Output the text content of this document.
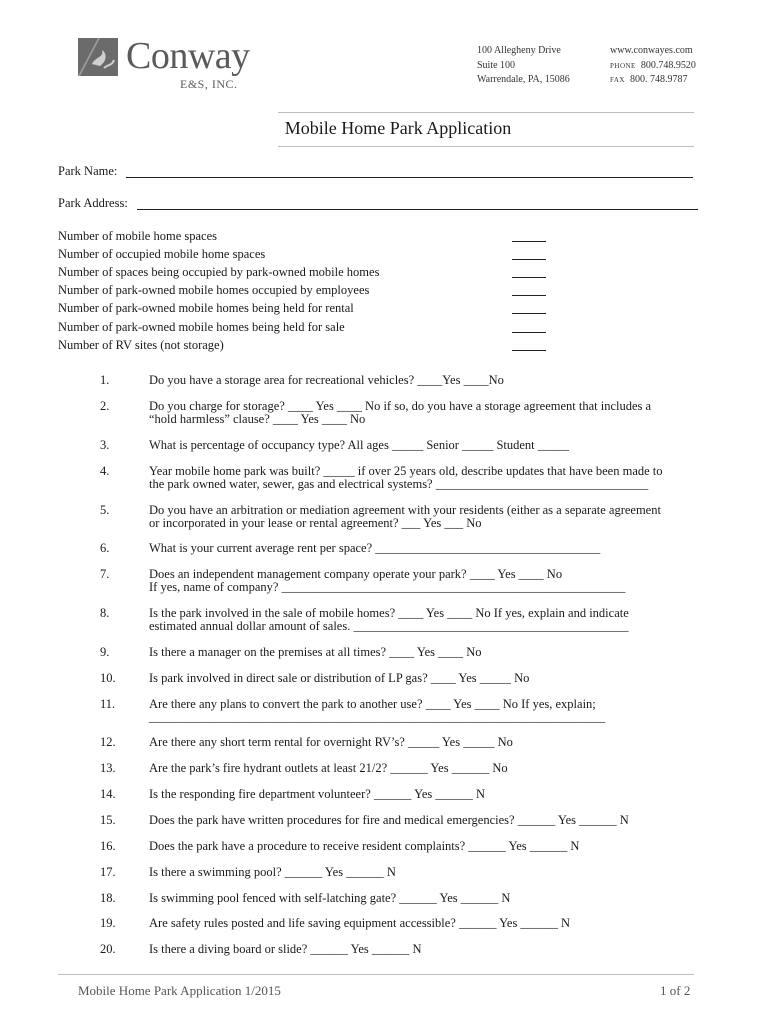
Conway
E&S, INC.
100 Allegheny Drive
Suite 100
Warrendale, PA, 15086
www.conwayes.com
phone 800.748.9520
fax 800. 748.9787
Mobile Home Park Application
Park Name:
Park Address:
Number of mobile home spaces
Number of occupied mobile home spaces
Number of spaces being occupied by park-owned mobile homes
Number of park-owned mobile homes occupied by employees
Number of park-owned mobile homes being held for rental
Number of park-owned mobile homes being held for sale
Number of RV sites (not storage)
1.	Do you have a storage area for recreational vehicles? ____Yes ____No
2.	Do you charge for storage? ____ Yes ____ No if so, do you have a storage agreement that includes a
“hold harmless” clause? ____ Yes ____ No
3.	What is percentage of occupancy type? All ages _____ Senior _____ Student _____
4.	Year mobile home park was built? _____ if over 25 years old, describe updates that have been made to
the park owned water, sewer, gas and electrical systems? __________________________________
5.	Do you have an arbitration or mediation agreement with your residents (either as a separate agreement
or incorporated in your lease or rental agreement? ___ Yes ___ No
6.	What is your current average rent per space? ____________________________________
7.	Does an independent management company operate your park? ____ Yes ____ No
If yes, name of company? _______________________________________________________
8.	Is the park involved in the sale of mobile homes? ____ Yes ____ No If yes, explain and indicate
estimated annual dollar amount of sales. ____________________________________________
9.	Is there a manager on the premises at all times? ____ Yes ____ No
10.	Is park involved in direct sale or distribution of LP gas? ____ Yes _____ No
11.	Are there any plans to convert the park to another use? ____ Yes ____ No If yes, explain;
_________________________________________________________________________
12.	Are there any short term rental for overnight RV’s? _____ Yes _____ No
13.	Are the park’s fire hydrant outlets at least 21/2? ______ Yes ______ No
14.	Is the responding fire department volunteer? ______ Yes ______ N
15.	Does the park have written procedures for fire and medical emergencies? ______ Yes ______ N
16.	Does the park have a procedure to receive resident complaints? ______ Yes ______ N
17.	Is there a swimming pool? ______ Yes ______ N
18.	Is swimming pool fenced with self-latching gate? ______ Yes ______ N
19.	Are safety rules posted and life saving equipment accessible? ______ Yes ______ N
20.	Is there a diving board or slide? ______ Yes ______ N
Mobile Home Park Application 1/2015	1 of 2
